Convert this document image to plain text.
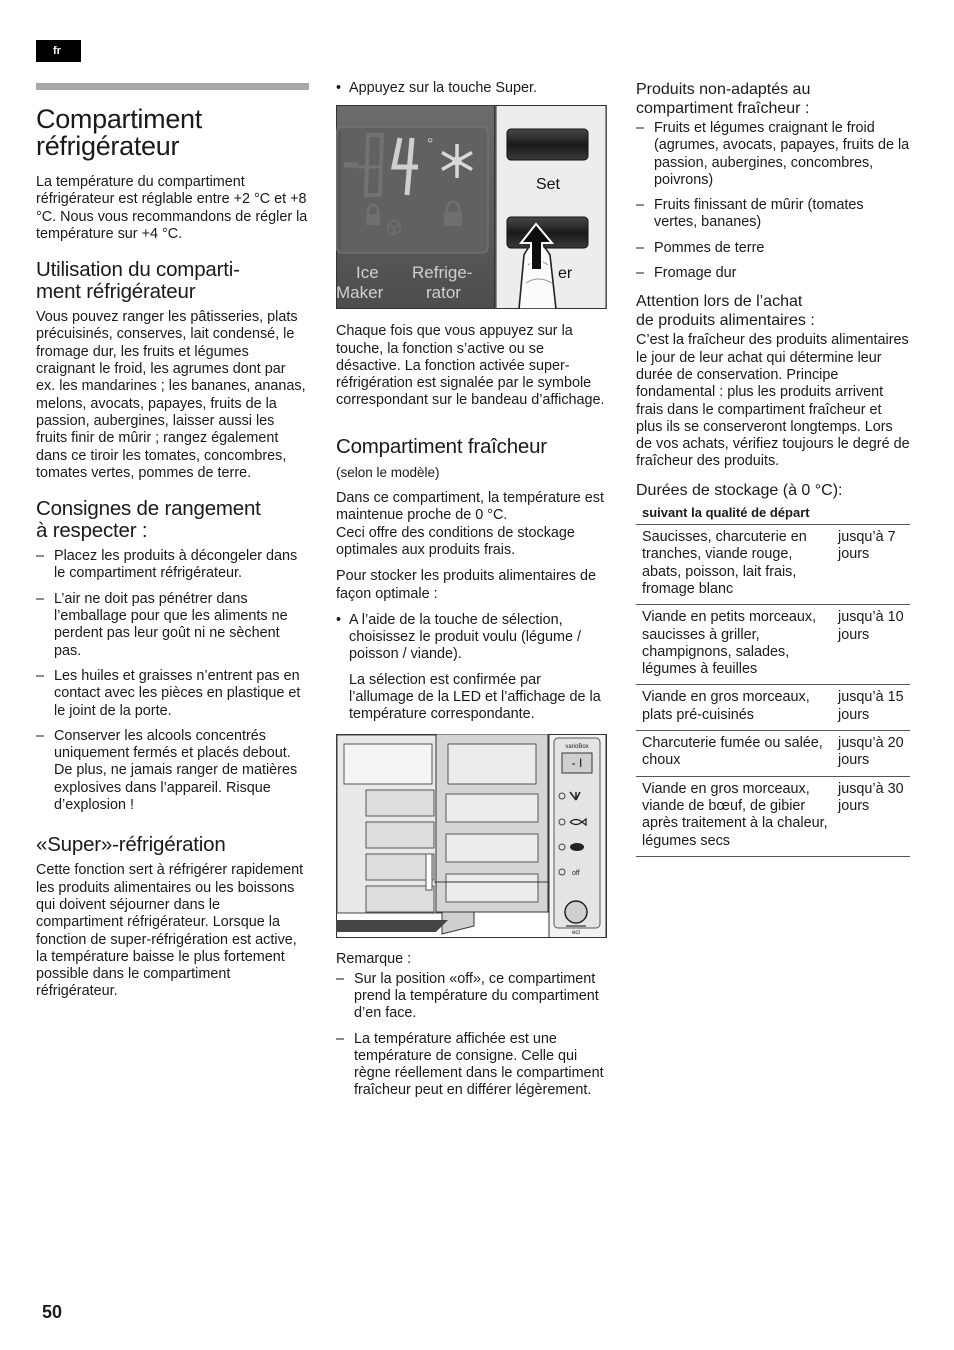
fr
Compartiment
réfrigérateur

La température du compartiment réfrigérateur est réglable entre +2 °C et +8 °C. Nous vous recommandons de régler la température sur +4 °C.

Utilisation du comparti-
ment réfrigérateur

Vous pouvez ranger les pâtisseries, plats précuisinés, conserves, lait condensé, le fromage dur, les fruits et légumes craignant le froid, les agrumes dont par ex. les mandarines ; les bananes, ananas, melons, avocats, papayes, fruits de la passion, aubergines, laisser aussi les fruits finir de mûrir ; rangez également dans ce tiroir les tomates, concombres, tomates vertes, pommes de terre.

Consignes de rangement
à respecter :
– Placez les produits à décongeler dans le compartiment réfrigérateur.
– L’air ne doit pas pénétrer dans l’emballage pour que les aliments ne perdent pas leur goût ni ne sèchent pas.
– Les huiles et graisses n’entrent pas en contact avec les pièces en plastique et le joint de la porte.
– Conserver les alcools concentrés uniquement fermés et placés debout. De plus, ne jamais ranger de matières explosives dans l’appareil. Risque d’explosion !
«Super»-réfrigération

Cette fonction sert à réfrigérer rapidement les produits alimentaires ou les boissons qui doivent séjourner dans le compartiment réfrigérateur. Lorsque la fonction de super-réfrigération est active, la température baisse le plus fortement possible dans le compartiment réfrigérateur.

• Appuyez sur la touche Super.
Ice
Maker
Refrige-
rator
Set
er
°

Chaque fois que vous appuyez sur la touche, la fonction s’active ou se désactive. La fonction activée super-réfrigération est signalée par le symbole correspondant sur le bandeau d’affichage.

Compartiment fraîcheur

(selon le modèle)

Dans ce compartiment, la température est maintenue proche de 0 °C.
Ceci offre des conditions de stockage optimales aux produits frais.

Pour stocker les produits alimentaires de façon optimale :

• A l’aide de la touche de sélection, choisissez le produit voulu (légume / poisson / viande).

La sélection est confirmée par l’allumage de la LED et l’affichage de la température correspondante.

varioBox
- I
off
ect
Remarque :
– Sur la position «off», ce compartiment prend la température du compartiment d’en face.
– La température affichée est une température de consigne. Celle qui règne réellement dans le compartiment fraîcheur peut en différer légèrement.
Produits non-adaptés au
compartiment fraîcheur :
– Fruits et légumes craignant le froid (agrumes, avocats, papayes, fruits de la passion, aubergines, concombres, poivrons)
– Fruits finissant de mûrir (tomates vertes, bananes)
– Pommes de terre
– Fromage dur
Attention lors de l’achat
de produits alimentaires :

C’est la fraîcheur des produits alimentaires le jour de leur achat qui détermine leur durée de conservation. Principe fondamental : plus les produits arrivent frais dans le compartiment fraîcheur et plus ils se conserveront longtemps. Lors de vos achats, vérifiez toujours le degré de fraîcheur des produits.

Durées de stockage (à 0 °C):
suivant la qualité de départ	
Saucisses, charcuterie en tranches, viande rouge, abats, poisson, lait frais, fromage blanc	jusqu’à 7 jours
Viande en petits morceaux, saucisses à griller, champignons, salades, légumes à feuilles	jusqu’à 10 jours
Viande en gros morceaux, plats pré-cuisinés	jusqu’à 15 jours
Charcuterie fumée ou salée, choux	jusqu’à 20 jours
Viande en gros morceaux, viande de bœuf, de gibier après traitement à la chaleur, légumes secs	jusqu’à 30 jours
50
